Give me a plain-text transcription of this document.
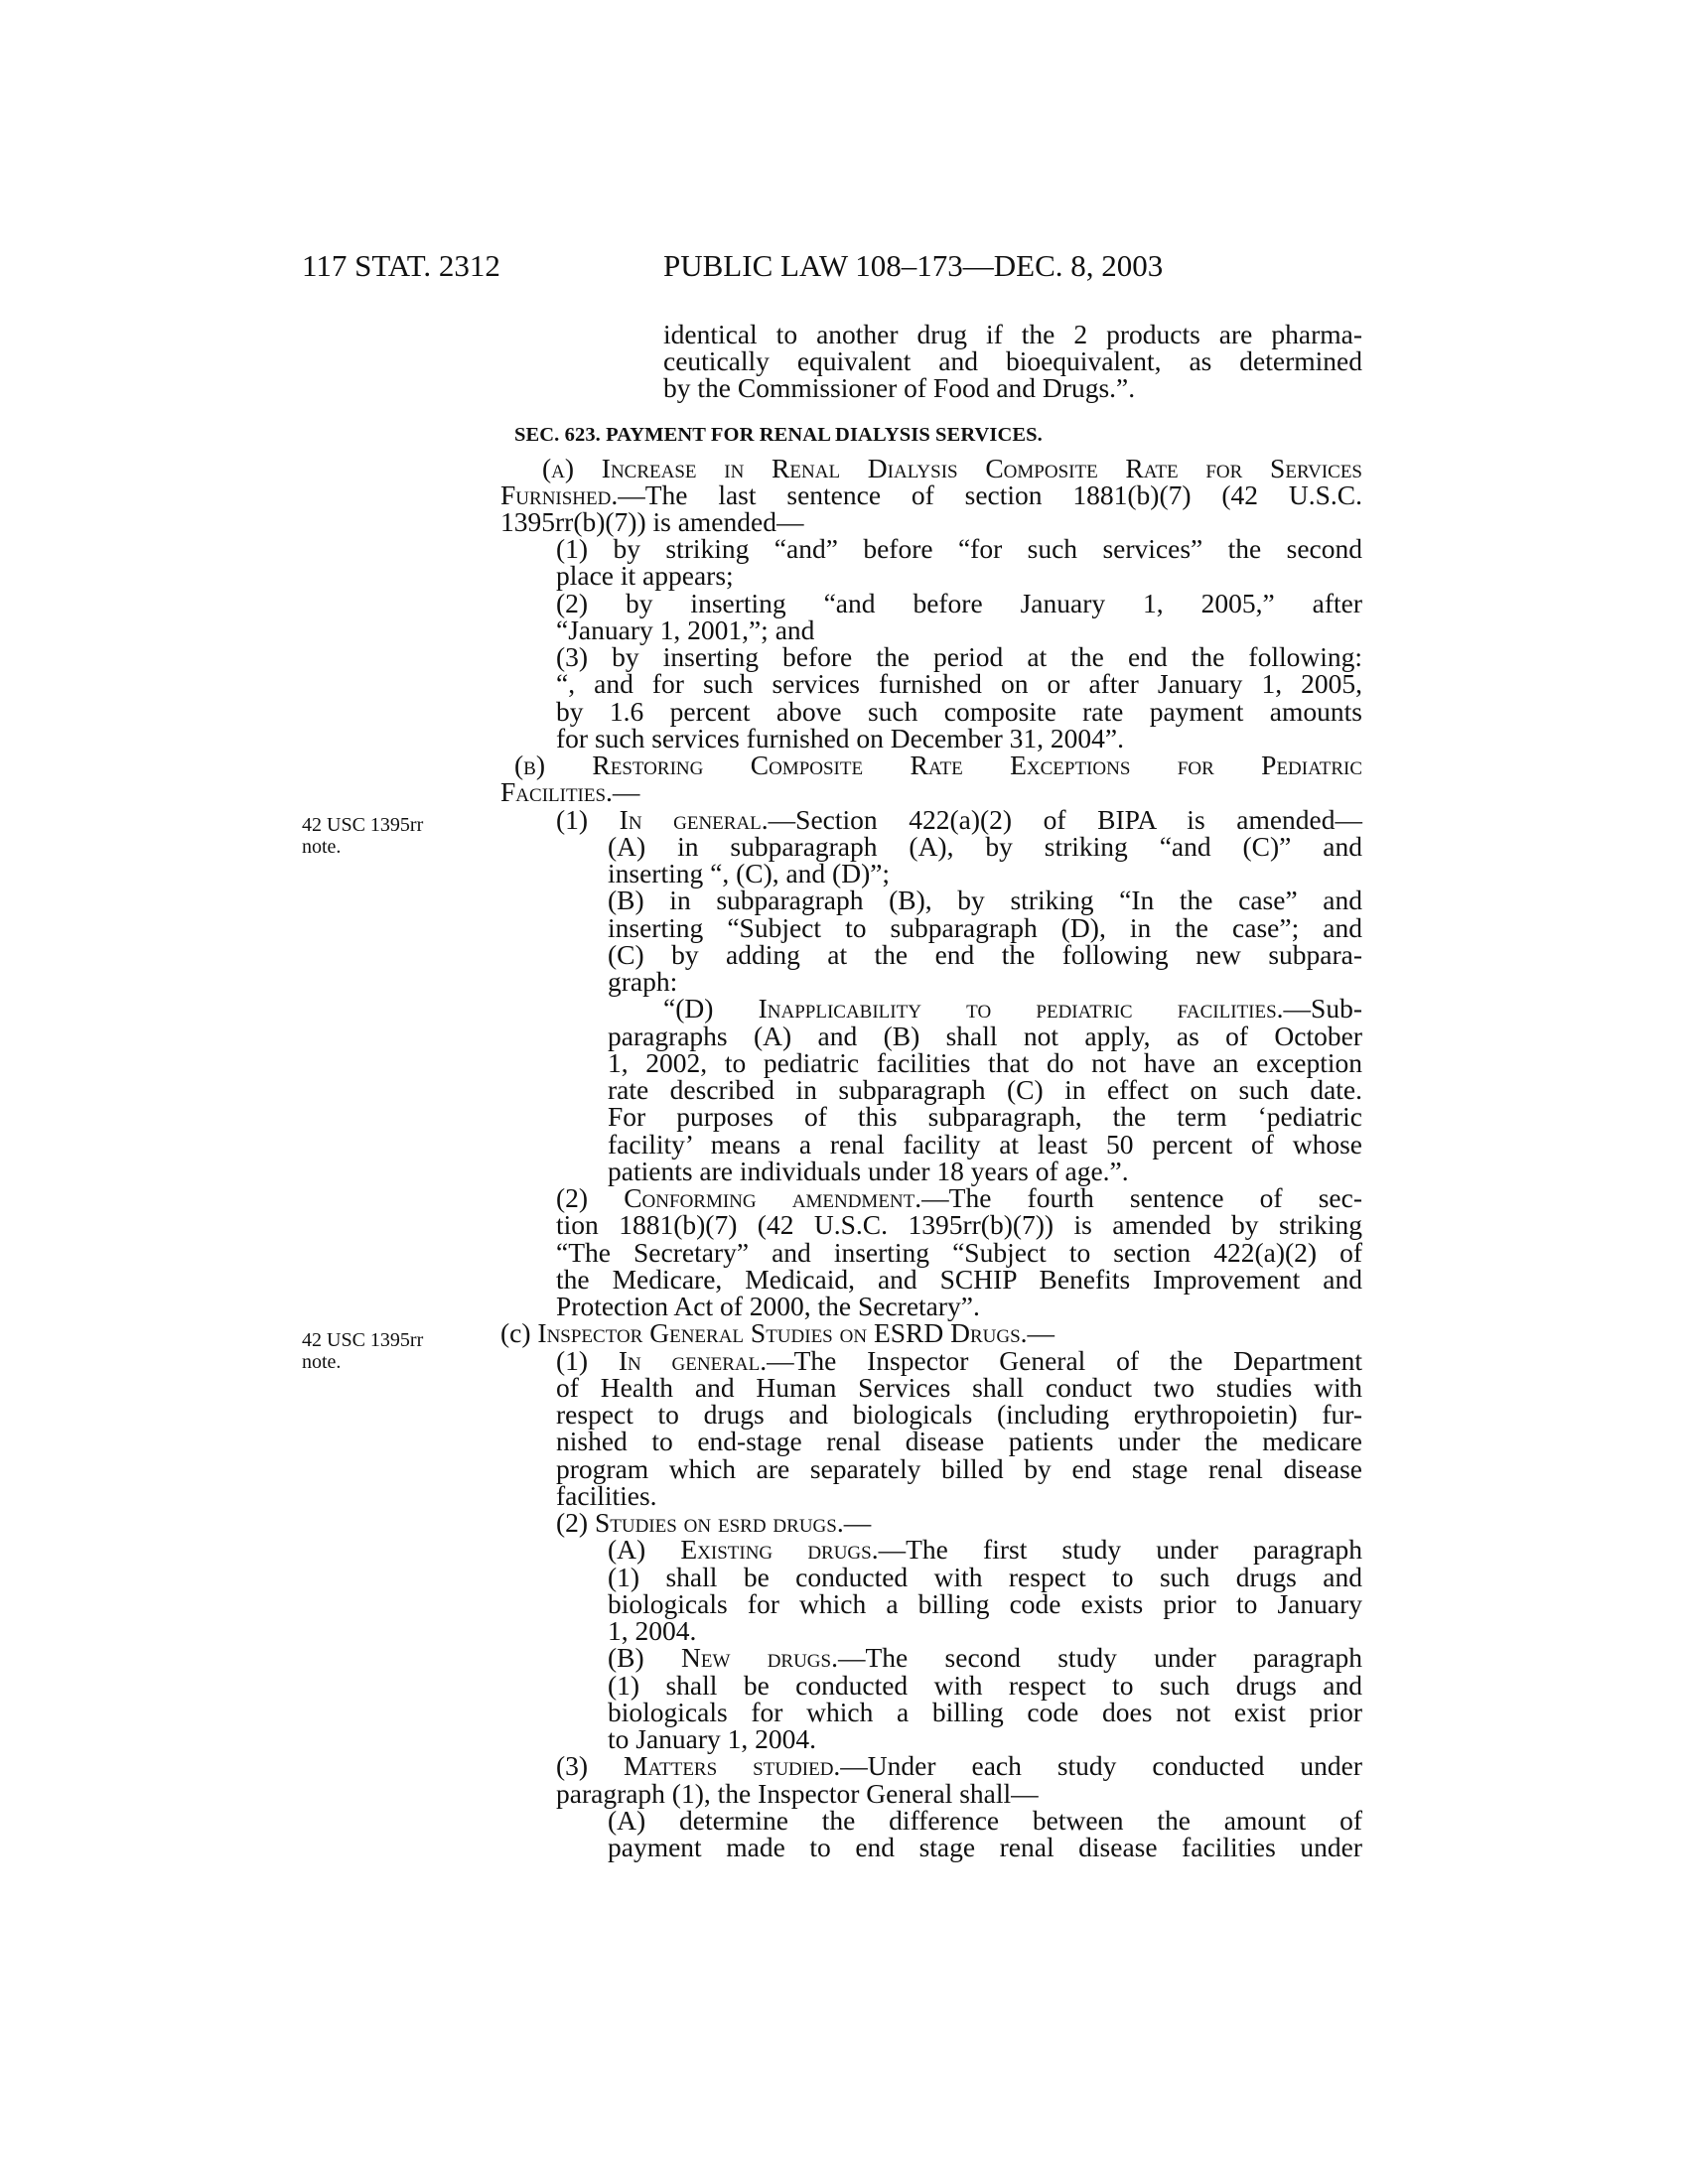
117 STAT. 2312	PUBLIC LAW 108–173—DEC. 8, 2003
42 USC 1395rr
note.
42 USC 1395rr
note.
identical to another drug if the 2 products are pharma-
ceutically equivalent and bioequivalent, as determined
by the Commissioner of Food and Drugs.”.
SEC. 623. PAYMENT FOR RENAL DIALYSIS SERVICES.
(a) Increase in Renal Dialysis Composite Rate for Services
Furnished.—The last sentence of section 1881(b)(7) (42 U.S.C.
1395rr(b)(7)) is amended—
(1) by striking “and” before “for such services” the second
place it appears;
(2) by inserting “and before January 1, 2005,” after
“January 1, 2001,”; and
(3) by inserting before the period at the end the following:
“, and for such services furnished on or after January 1, 2005,
by 1.6 percent above such composite rate payment amounts
for such services furnished on December 31, 2004”.
(b) Restoring Composite Rate Exceptions for Pediatric
Facilities.—
(1) In general.—Section 422(a)(2) of BIPA is amended—
(A) in subparagraph (A), by striking “and (C)” and
inserting “, (C), and (D)”;
(B) in subparagraph (B), by striking “In the case” and
inserting “Subject to subparagraph (D), in the case”; and
(C) by adding at the end the following new subpara-
graph:
“(D) Inapplicability to pediatric facilities.—Sub-
paragraphs (A) and (B) shall not apply, as of October
1, 2002, to pediatric facilities that do not have an exception
rate described in subparagraph (C) in effect on such date.
For purposes of this subparagraph, the term ‘pediatric
facility’ means a renal facility at least 50 percent of whose
patients are individuals under 18 years of age.”.
(2) Conforming amendment.—The fourth sentence of sec-
tion 1881(b)(7) (42 U.S.C. 1395rr(b)(7)) is amended by striking
“The Secretary” and inserting “Subject to section 422(a)(2) of
the Medicare, Medicaid, and SCHIP Benefits Improvement and
Protection Act of 2000, the Secretary”.
(c) Inspector General Studies on ESRD Drugs.—
(1) In general.—The Inspector General of the Department
of Health and Human Services shall conduct two studies with
respect to drugs and biologicals (including erythropoietin) fur-
nished to end-stage renal disease patients under the medicare
program which are separately billed by end stage renal disease
facilities.
(2) Studies on esrd drugs.—
(A) Existing drugs.—The first study under paragraph
(1) shall be conducted with respect to such drugs and
biologicals for which a billing code exists prior to January
1, 2004.
(B) New drugs.—The second study under paragraph
(1) shall be conducted with respect to such drugs and
biologicals for which a billing code does not exist prior
to January 1, 2004.
(3) Matters studied.—Under each study conducted under
paragraph (1), the Inspector General shall—
(A) determine the difference between the amount of
payment made to end stage renal disease facilities under
